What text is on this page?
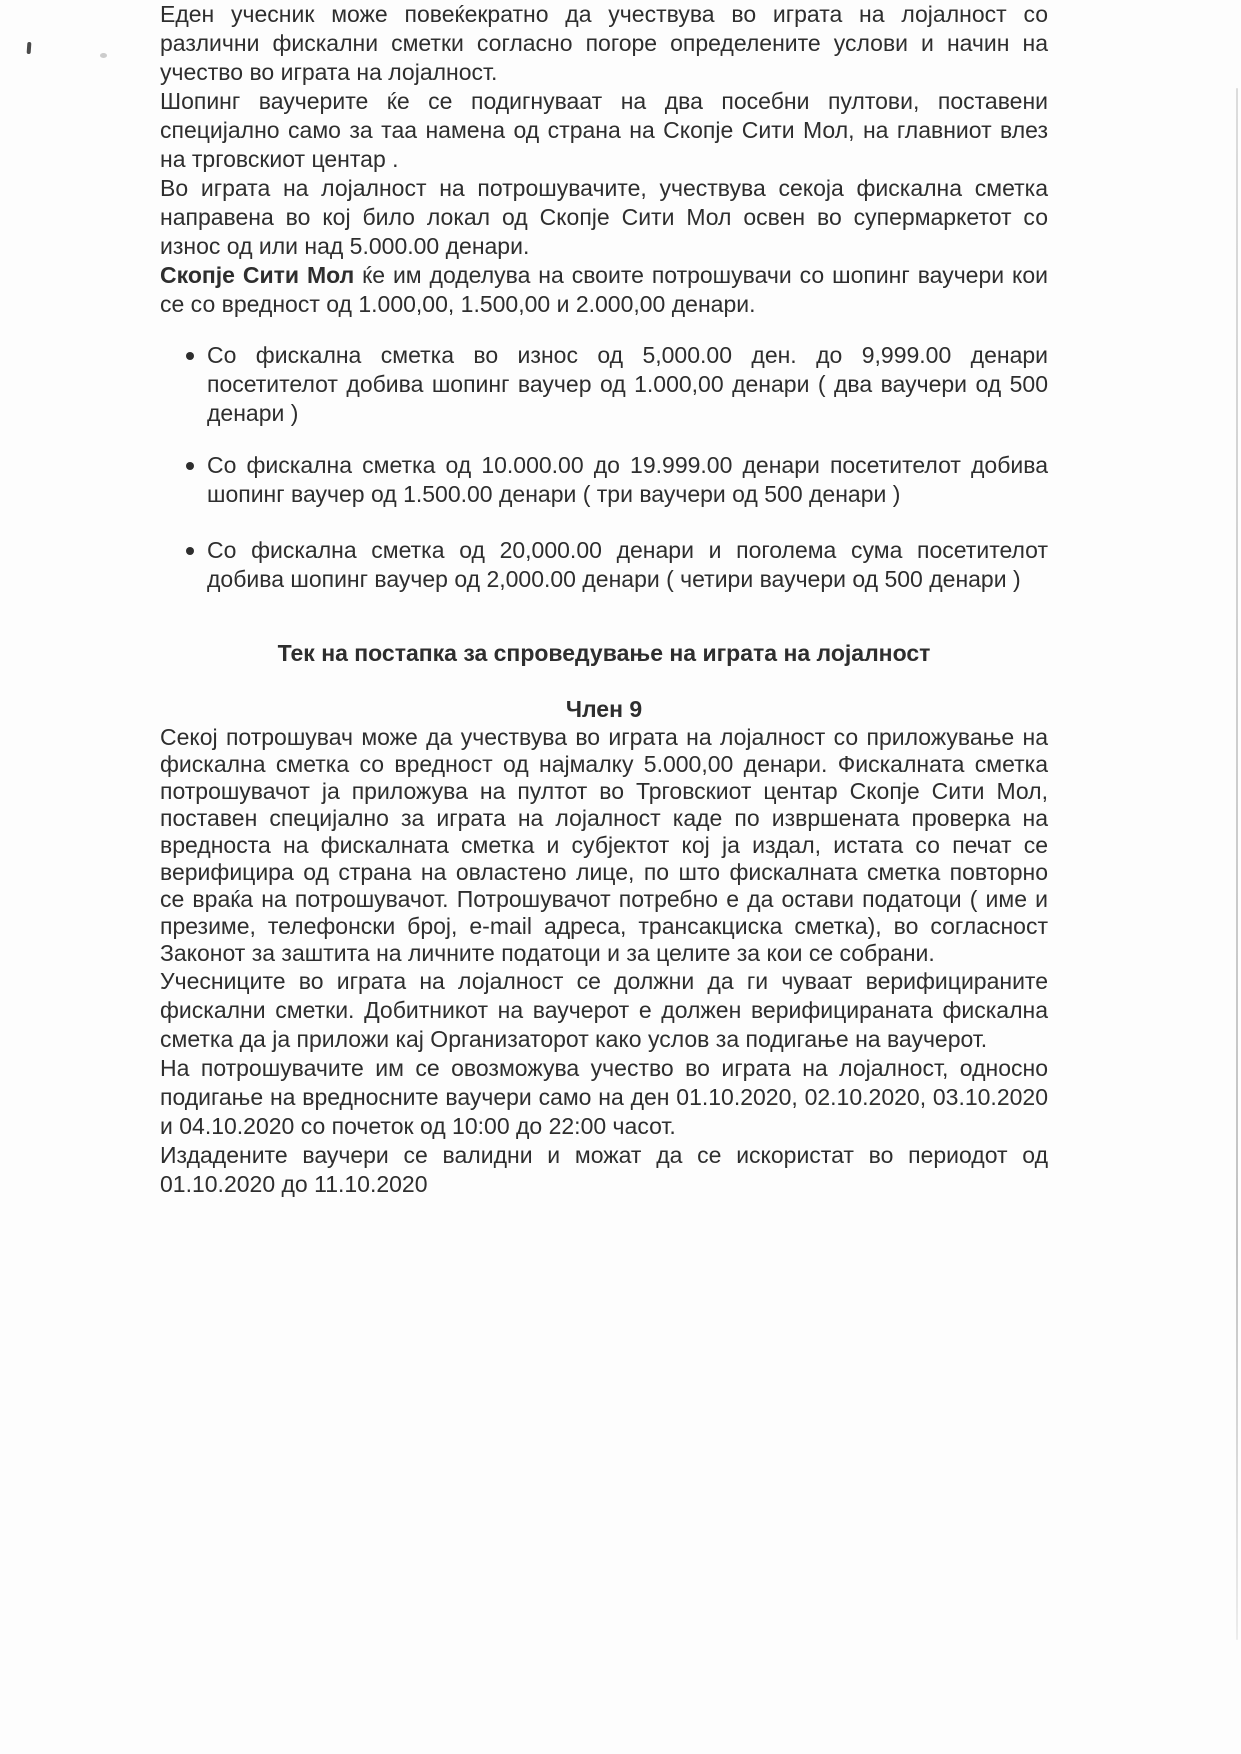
Еден учесник може повеќекратно да учествува во играта на лојалност со различни фискални сметки согласно погоре определените услови и начин на учество во играта на лојалност.

Шопинг ваучерите ќе се подигнуваат на два посебни пултови, поставени специјално само за таа намена од страна на Скопје Сити Мол, на главниот влез на трговскиот центар .

Во играта на лојалност на потрошувачите, учествува секоја фискална сметка направена во кој било локал од Скопје Сити Мол освен во супермаркетот со износ од или над 5.000.00 денари.

Скопје Сити Мол ќе им доделува на своите потрошувачи со шопинг ваучери кои се со вредност од 1.000,00, 1.500,00 и 2.000,00 денари.

Со фискална сметка во износ од 5,000.00 ден. до 9,999.00 денари посетителот добива шопинг ваучер од 1.000,00 денари ( два ваучери од 500 денари )
Со фискална сметка од 10.000.00 до 19.999.00 денари посетителот добива шопинг ваучер од 1.500.00 денари ( три ваучери од 500 денари )
Со фискална сметка од 20,000.00 денари и поголема сума посетителот добива шопинг ваучер од 2,000.00 денари ( четири ваучери од 500 денари )
Тек на постапка за спроведување на играта на лојалност
Член 9

Секој потрошувач може да учествува во играта на лојалност со приложување на фискална сметка со вредност од најмалку 5.000,00 денари. Фискалната сметка потрошувачот ја приложува на пултот во Трговскиот центар Скопје Сити Мол, поставен специјално за играта на лојалност каде по извршената проверка на вредноста на фискалната сметка и субјектот кој ја издал, истата со печат се верифицира од страна на овластено лице, по што фискалната сметка повторно се враќа на потрошувачот. Потрошувачот потребно е да остави податоци ( име и презиме, телефонски број, e-mail адреса, трансакциска сметка), во согласност Законот за заштита на личните податоци и за целите за кои се собрани.

Учесниците во играта на лојалност се должни да ги чуваат верифицираните фискални сметки. Добитникот на ваучерот е должен верифицираната фискална сметка да ја приложи кај Организаторот како услов за подигање на ваучерот.

На потрошувачите им се овозможува учество во играта на лојалност, односно подигање на вредносните ваучери само на ден 01.10.2020, 02.10.2020, 03.10.2020 и 04.10.2020 со почеток од 10:00 до 22:00 часот.

Издадените ваучери се валидни и можат да се искористат во периодот од 01.10.2020 до 11.10.2020
